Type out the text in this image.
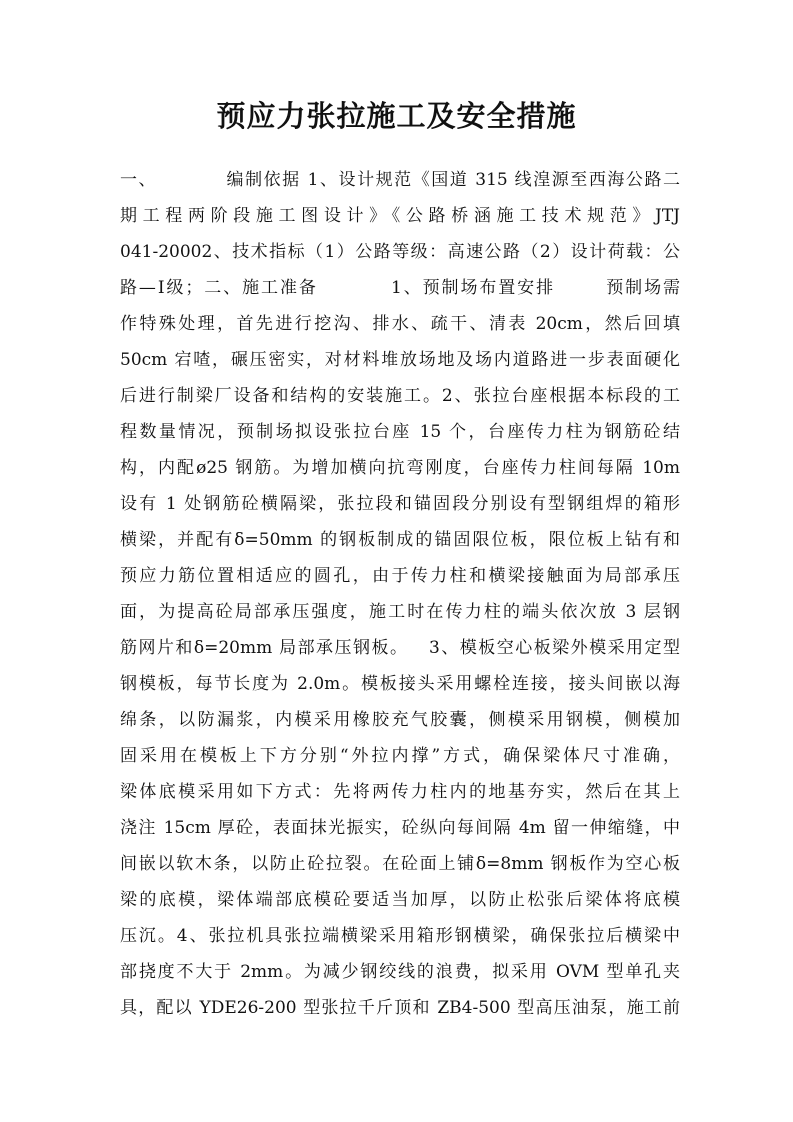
预应力张拉施工及安全措施
一、          编制依据 1、设计规范《国道 315 线湟源至西海公路二
期工程两阶段施工图设计》《公路桥涵施工技术规范》JTJ
041-20002、技术指标（1）公路等级：高速公路（2）设计荷载：公
路—Ⅰ级；二、施工准备          1、预制场布置安排       预制场需
作特殊处理，首先进行挖沟、排水、疏干、清表 20cm，然后回填
50cm 宕喳，碾压密实，对材料堆放场地及场内道路进一步表面硬化
后进行制梁厂设备和结构的安装施工。2、张拉台座根据本标段的工
程数量情况，预制场拟设张拉台座 15 个，台座传力柱为钢筋砼结
构，内配ø25 钢筋。为增加横向抗弯刚度，台座传力柱间每隔 10m
设有 1 处钢筋砼横隔梁，张拉段和锚固段分别设有型钢组焊的箱形
横梁，并配有δ=50mm 的钢板制成的锚固限位板，限位板上钻有和
预应力筋位置相适应的圆孔，由于传力柱和横梁接触面为局部承压
面，为提高砼局部承压强度，施工时在传力柱的端头依次放 3 层钢
筋网片和δ=20mm 局部承压钢板。   3、模板空心板梁外模采用定型
钢模板，每节长度为 2.0m。模板接头采用螺栓连接，接头间嵌以海
绵条，以防漏浆，内模采用橡胶充气胶囊，侧模采用钢模，侧模加
固采用在模板上下方分别“外拉内撑”方式，确保梁体尺寸准确，
梁体底模采用如下方式：先将两传力柱内的地基夯实，然后在其上
浇注 15cm 厚砼，表面抹光振实，砼纵向每间隔 4m 留一伸缩缝，中
间嵌以软木条，以防止砼拉裂。在砼面上铺δ=8mm 钢板作为空心板
梁的底模，梁体端部底模砼要适当加厚，以防止松张后梁体将底模
压沉。4、张拉机具张拉端横梁采用箱形钢横梁，确保张拉后横梁中
部挠度不大于 2mm。为减少钢绞线的浪费，拟采用 OVM 型单孔夹
具，配以 YDE26-200 型张拉千斤顶和 ZB4-500 型高压油泵，施工前
